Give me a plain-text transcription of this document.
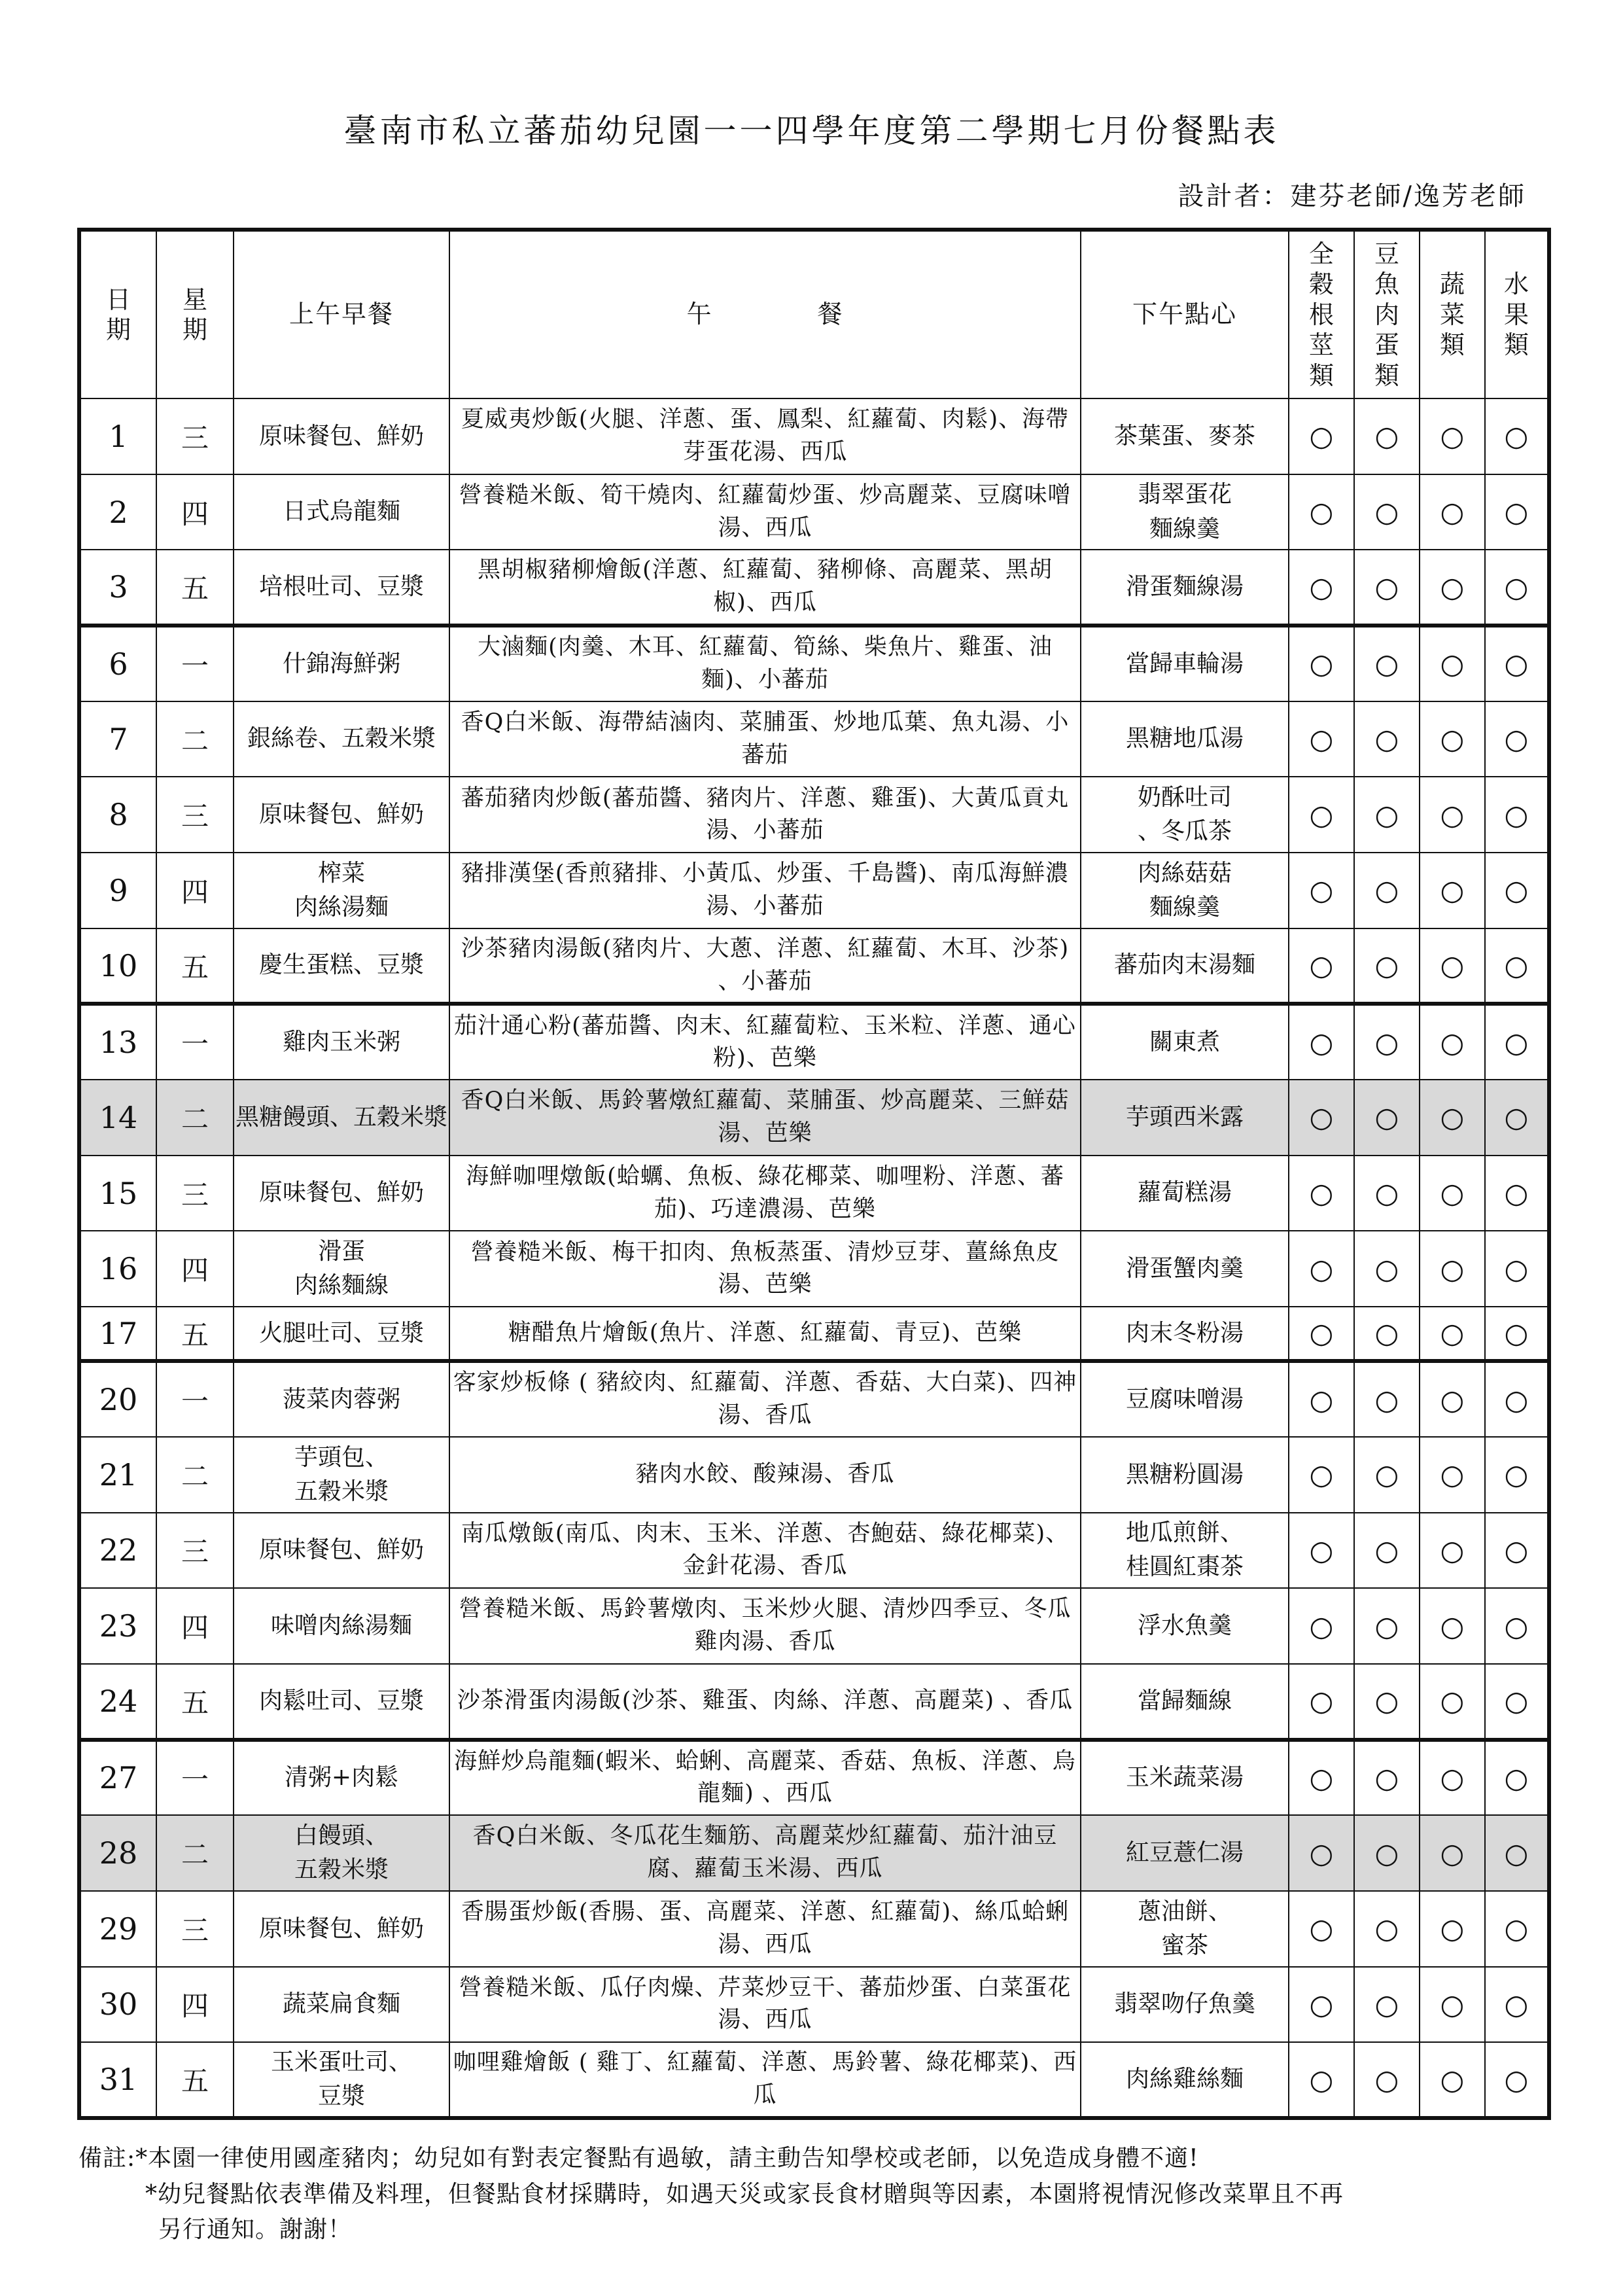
臺南市私立蕃茄幼兒園一一四學年度第二學期七月份餐點表
設計者：建芬老師/逸芳老師
日期	星期	上午早餐	午　　　　餐	下午點心	全穀根莖類	豆魚肉蛋類	蔬菜類	水果類
1	三	原味餐包、鮮奶	夏威夷炒飯(火腿、洋蔥、蛋、鳳梨、紅蘿蔔、肉鬆)、海帶芽蛋花湯、西瓜	茶葉蛋、麥茶	○	○	○	○
2	四	日式烏龍麵	營養糙米飯、筍干燒肉、紅蘿蔔炒蛋、炒高麗菜、豆腐味噌湯、西瓜	翡翠蛋花
麵線羹	○	○	○	○
3	五	培根吐司、豆漿	黑胡椒豬柳燴飯(洋蔥、紅蘿蔔、豬柳條、高麗菜、黑胡椒)、西瓜	滑蛋麵線湯	○	○	○	○
6	一	什錦海鮮粥	大滷麵(肉羹、木耳、紅蘿蔔、筍絲、柴魚片、雞蛋、油麵)、小蕃茄	當歸車輪湯	○	○	○	○
7	二	銀絲卷、五穀米漿	香Q白米飯、海帶結滷肉、菜脯蛋、炒地瓜葉、魚丸湯、小蕃茄	黑糖地瓜湯	○	○	○	○
8	三	原味餐包、鮮奶	蕃茄豬肉炒飯(蕃茄醬、豬肉片、洋蔥、雞蛋)、大黃瓜貢丸湯、小蕃茄	奶酥吐司
、冬瓜茶	○	○	○	○
9	四	榨菜
肉絲湯麵	豬排漢堡(香煎豬排、小黃瓜、炒蛋、千島醬)、南瓜海鮮濃湯、小蕃茄	肉絲菇菇
麵線羹	○	○	○	○
10	五	慶生蛋糕、豆漿	沙茶豬肉湯飯(豬肉片、大蔥、洋蔥、紅蘿蔔、木耳、沙茶) 、小蕃茄	蕃茄肉末湯麵	○	○	○	○
13	一	雞肉玉米粥	茄汁通心粉(蕃茄醬、肉末、紅蘿蔔粒、玉米粒、洋蔥、通心粉)、芭樂	關東煮	○	○	○	○
14	二	黑糖饅頭、五穀米漿	香Q白米飯、馬鈴薯燉紅蘿蔔、菜脯蛋、炒高麗菜、三鮮菇湯、芭樂	芋頭西米露	○	○	○	○
15	三	原味餐包、鮮奶	海鮮咖哩燉飯(蛤蠣、魚板、綠花椰菜、咖哩粉、洋蔥、蕃茄)、巧達濃湯、芭樂	蘿蔔糕湯	○	○	○	○
16	四	滑蛋
肉絲麵線	營養糙米飯、梅干扣肉、魚板蒸蛋、清炒豆芽、薑絲魚皮湯、芭樂	滑蛋蟹肉羹	○	○	○	○
17	五	火腿吐司、豆漿	糖醋魚片燴飯(魚片、洋蔥、紅蘿蔔、青豆)、芭樂	肉末冬粉湯	○	○	○	○
20	一	菠菜肉蓉粥	客家炒板條 ( 豬絞肉、紅蘿蔔、洋蔥、香菇、大白菜)、四神湯、香瓜	豆腐味噌湯	○	○	○	○
21	二	芋頭包、
五穀米漿	豬肉水餃、酸辣湯、香瓜	黑糖粉圓湯	○	○	○	○
22	三	原味餐包、鮮奶	南瓜燉飯(南瓜、肉末、玉米、洋蔥、杏鮑菇、綠花椰菜)、金針花湯、香瓜	地瓜煎餅、
桂圓紅棗茶	○	○	○	○
23	四	味噌肉絲湯麵	營養糙米飯、馬鈴薯燉肉、玉米炒火腿、清炒四季豆、冬瓜雞肉湯、香瓜	浮水魚羹	○	○	○	○
24	五	肉鬆吐司、豆漿	沙茶滑蛋肉湯飯(沙茶、雞蛋、肉絲、洋蔥、高麗菜) 、香瓜	當歸麵線	○	○	○	○
27	一	清粥+肉鬆	海鮮炒烏龍麵(蝦米、蛤蜊、高麗菜、香菇、魚板、洋蔥、烏龍麵) 、西瓜	玉米蔬菜湯	○	○	○	○
28	二	白饅頭、
五穀米漿	香Q白米飯、冬瓜花生麵筋、高麗菜炒紅蘿蔔、茄汁油豆腐、蘿蔔玉米湯、西瓜	紅豆薏仁湯	○	○	○	○
29	三	原味餐包、鮮奶	香腸蛋炒飯(香腸、蛋、高麗菜、洋蔥、紅蘿蔔)、絲瓜蛤蜊湯、西瓜	蔥油餅、
蜜茶	○	○	○	○
30	四	蔬菜扁食麵	營養糙米飯、瓜仔肉燥、芹菜炒豆干、蕃茄炒蛋、白菜蛋花湯、西瓜	翡翠吻仔魚羹	○	○	○	○
31	五	玉米蛋吐司、
豆漿	咖哩雞燴飯 ( 雞丁、紅蘿蔔、洋蔥、馬鈴薯、綠花椰菜)、西瓜	肉絲雞絲麵	○	○	○	○
備註:*本園一律使用國產豬肉；幼兒如有對表定餐點有過敏，請主動告知學校或老師，以免造成身體不適!
*幼兒餐點依表準備及料理，但餐點食材採購時，如遇天災或家長食材贈與等因素，本園將視情況修改菜單且不再
另行通知。謝謝！
